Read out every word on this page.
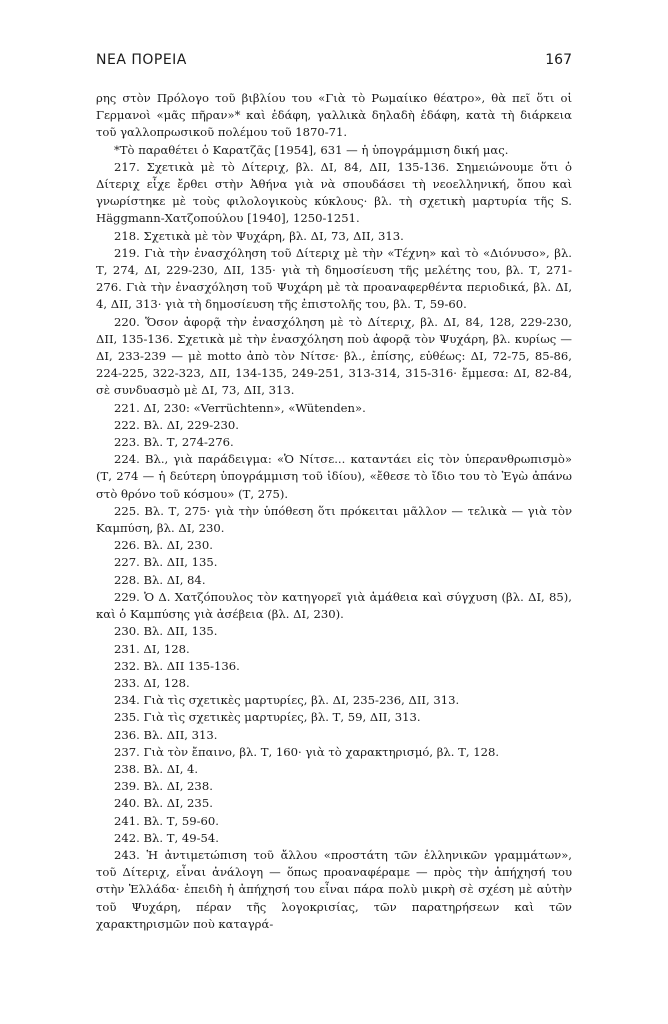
ΝΕΑ ΠΟΡΕΙΑ	167

ρης στὸν Πρόλογο τοῦ βιβλίου του «Γιὰ τὸ Ρωμαίικο θέατρο», θὰ πεῖ ὅτι οἱ Γερμανοὶ «μᾶς πῆραν»* καὶ ἐδάφη, γαλλικὰ δηλαδὴ ἐδάφη, κατὰ τὴ διάρκεια τοῦ γαλλοπρωσικοῦ πολέμου τοῦ 1870-71.

*Τὸ παραθέτει ὁ Καρατζᾶς [1954], 631 — ἡ ὑπογράμμιση δική μας.

217. Σχετικὰ μὲ τὸ Δίτεριχ, βλ. ΔΙ, 84, ΔΙΙ, 135-136. Σημειώνουμε ὅτι ὁ Δίτεριχ εἶχε ἔρθει στὴν Ἀθήνα γιὰ νὰ σπουδάσει τὴ νεοελληνική, ὅπου καὶ γνωρίστηκε μὲ τοὺς φιλολογικοὺς κύκλους· βλ. τὴ σχετικὴ μαρτυρία τῆς S. Häggmann-Χατζοπούλου [1940], 1250-1251.

218. Σχετικὰ μὲ τὸν Ψυχάρη, βλ. ΔΙ, 73, ΔΙΙ, 313.

219. Γιὰ τὴν ἐνασχόληση τοῦ Δίτεριχ μὲ τὴν «Τέχνη» καὶ τὸ «Διόνυσο», βλ. Τ, 274, ΔΙ, 229-230, ΔΙΙ, 135· γιὰ τὴ δημοσίευση τῆς μελέτης του, βλ. Τ, 271-276. Γιὰ τὴν ἐνασχόληση τοῦ Ψυχάρη μὲ τὰ προαναφερθέντα περιοδικά, βλ. ΔΙ, 4, ΔΙΙ, 313· γιὰ τὴ δημοσίευση τῆς ἐπιστολῆς του, βλ. Τ, 59-60.

220. Ὅσον ἀφορᾷ τὴν ἐνασχόληση μὲ τὸ Δίτεριχ, βλ. ΔΙ, 84, 128, 229-230, ΔΙΙ, 135-136. Σχετικὰ μὲ τὴν ἐνασχόληση ποὺ ἀφορᾷ τὸν Ψυχάρη, βλ. κυρίως — ΔΙ, 233-239 — μὲ motto ἀπὸ τὸν Νίτσε· βλ., ἐπίσης, εὐθέως: ΔΙ, 72-75, 85-86, 224-225, 322-323, ΔΙΙ, 134-135, 249-251, 313-314, 315-316· ἔμμεσα: ΔΙ, 82-84, σὲ συνδυασμὸ μὲ ΔΙ, 73, ΔΙΙ, 313.

221. ΔΙ, 230: «Verrüchtenn», «Wütenden».

222. Βλ. ΔΙ, 229-230.

223. Βλ. Τ, 274-276.

224. Βλ., γιὰ παράδειγμα: «Ὁ Νίτσε... καταντάει εἰς τὸν ὑπερανθρωπισμὸ» (Τ, 274 — ἡ δεύτερη ὑπογράμμιση τοῦ ἰδίου), «ἔθεσε τὸ ἴδιο του τὸ Ἐγὼ ἀπάνω στὸ θρόνο τοῦ κόσμου» (Τ, 275).

225. Βλ. Τ, 275· γιὰ τὴν ὑπόθεση ὅτι πρόκειται μᾶλλον — τελικὰ — γιὰ τὸν Καμπύση, βλ. ΔΙ, 230.

226. Βλ. ΔΙ, 230.

227. Βλ. ΔΙΙ, 135.

228. Βλ. ΔΙ, 84.

229. Ὁ Δ. Χατζόπουλος τὸν κατηγορεῖ γιὰ ἀμάθεια καὶ σύγχυση (βλ. ΔΙ, 85), καὶ ὁ Καμπύσης γιὰ ἀσέβεια (βλ. ΔΙ, 230).

230. Βλ. ΔΙΙ, 135.

231. ΔΙ, 128.

232. Βλ. ΔΙΙ 135-136.

233. ΔΙ, 128.

234. Γιὰ τὶς σχετικὲς μαρτυρίες, βλ. ΔΙ, 235-236, ΔΙΙ, 313.

235. Γιὰ τὶς σχετικὲς μαρτυρίες, βλ. Τ, 59, ΔΙΙ, 313.

236. Βλ. ΔΙΙ, 313.

237. Γιὰ τὸν ἔπαινο, βλ. Τ, 160· γιὰ τὸ χαρακτηρισμό, βλ. Τ, 128.

238. Βλ. ΔΙ, 4.

239. Βλ. ΔΙ, 238.

240. Βλ. ΔΙ, 235.

241. Βλ. Τ, 59-60.

242. Βλ. Τ, 49-54.

243. Ἡ ἀντιμετώπιση τοῦ ἄλλου «προστάτη τῶν ἑλληνικῶν γραμμάτων», τοῦ Δίτεριχ, εἶναι ἀνάλογη — ὅπως προαναφέραμε — πρὸς τὴν ἀπήχησή του στὴν Ἑλλάδα· ἐπειδὴ ἡ ἀπήχησή του εἶναι πάρα πολὺ μικρὴ σὲ σχέση μὲ αὐτὴν τοῦ Ψυχάρη, πέραν τῆς λογοκρισίας, τῶν παρατηρήσεων καὶ τῶν χαρακτηρισμῶν ποὺ καταγρά-
